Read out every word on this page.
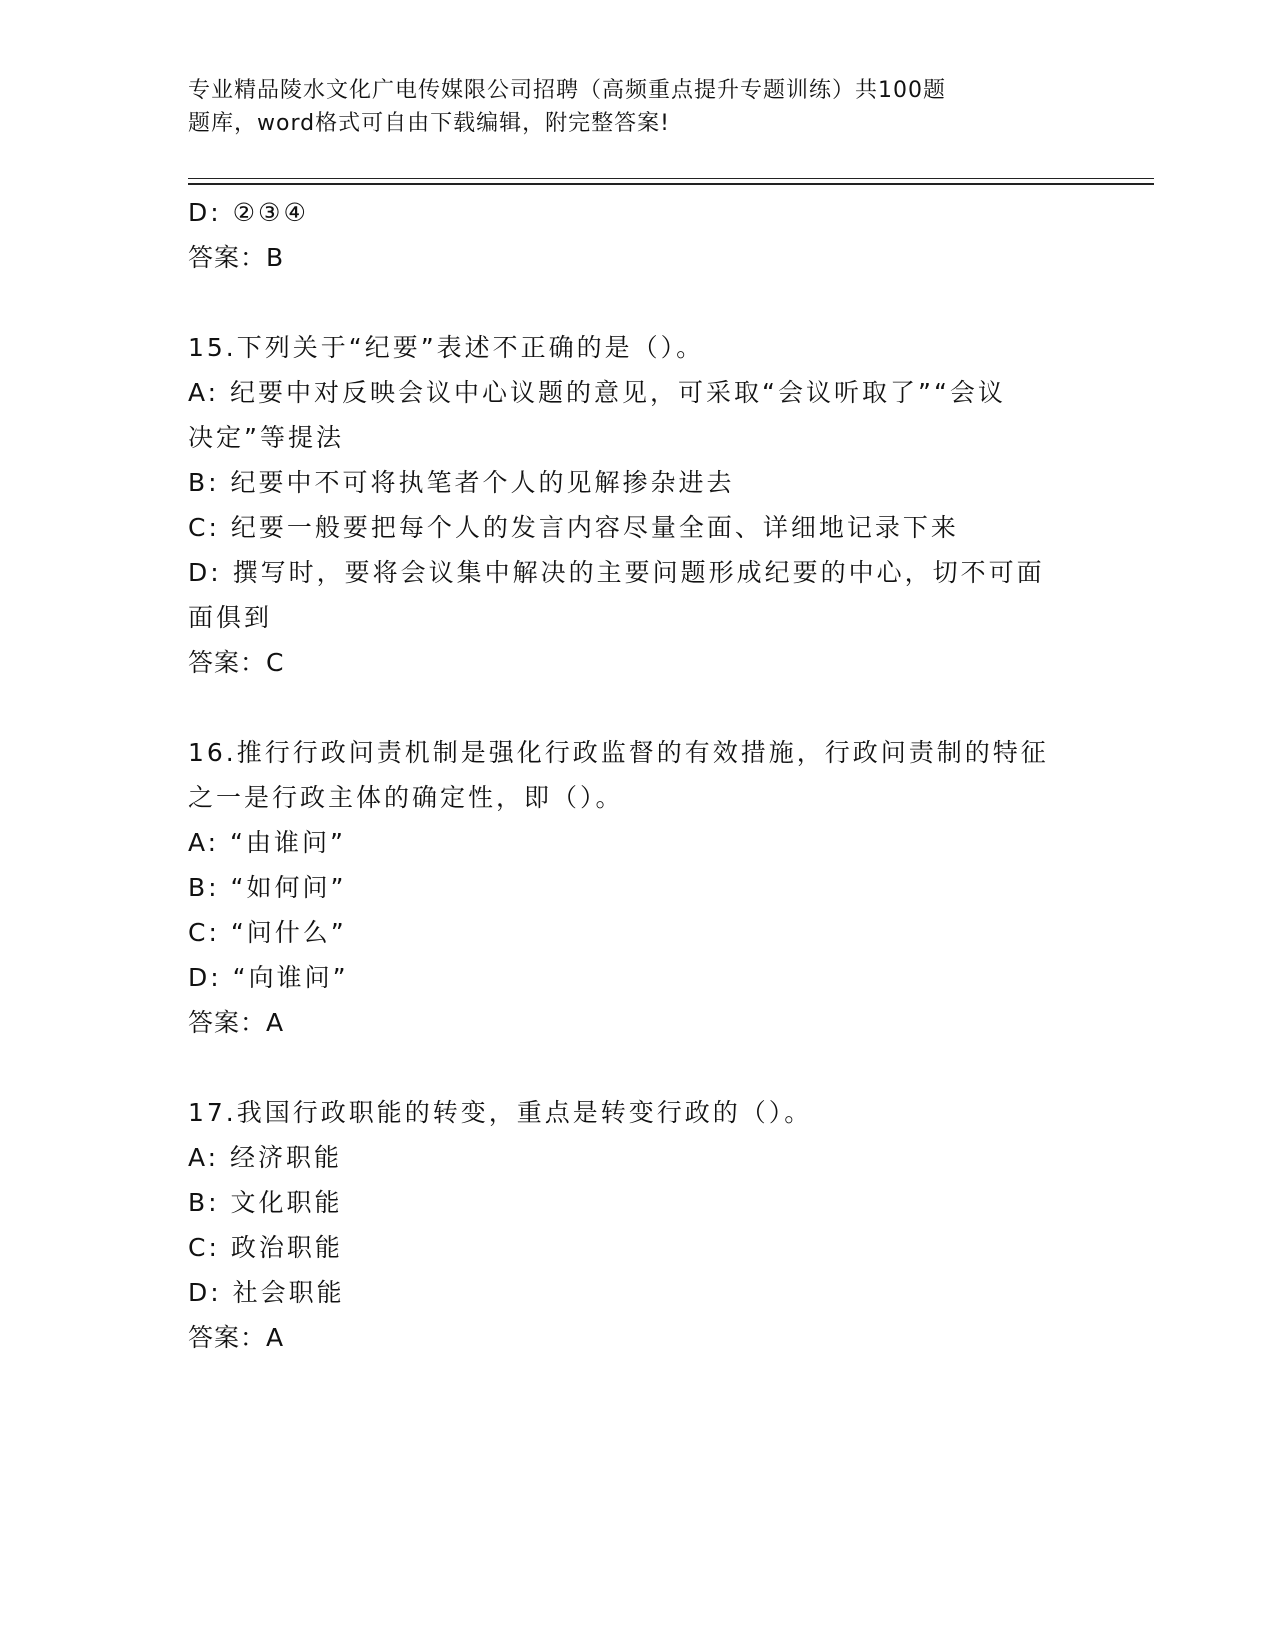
专业精品陵水文化广电传媒限公司招聘（高频重点提升专题训练）共100题
题库，word格式可自由下载编辑，附完整答案!
D: ②③④
答案：B
15.下列关于“纪要”表述不正确的是（）。
A: 纪要中对反映会议中心议题的意见，可采取“会议听取了”“会议
决定”等提法
B: 纪要中不可将执笔者个人的见解掺杂进去
C: 纪要一般要把每个人的发言内容尽量全面、详细地记录下来
D: 撰写时，要将会议集中解决的主要问题形成纪要的中心，切不可面
面俱到
答案：C
16.推行行政问责机制是强化行政监督的有效措施，行政问责制的特征
之一是行政主体的确定性，即（）。
A: “由谁问”
B: “如何问”
C: “问什么”
D: “向谁问”
答案：A
17.我国行政职能的转变，重点是转变行政的（）。
A: 经济职能
B: 文化职能
C: 政治职能
D: 社会职能
答案：A
